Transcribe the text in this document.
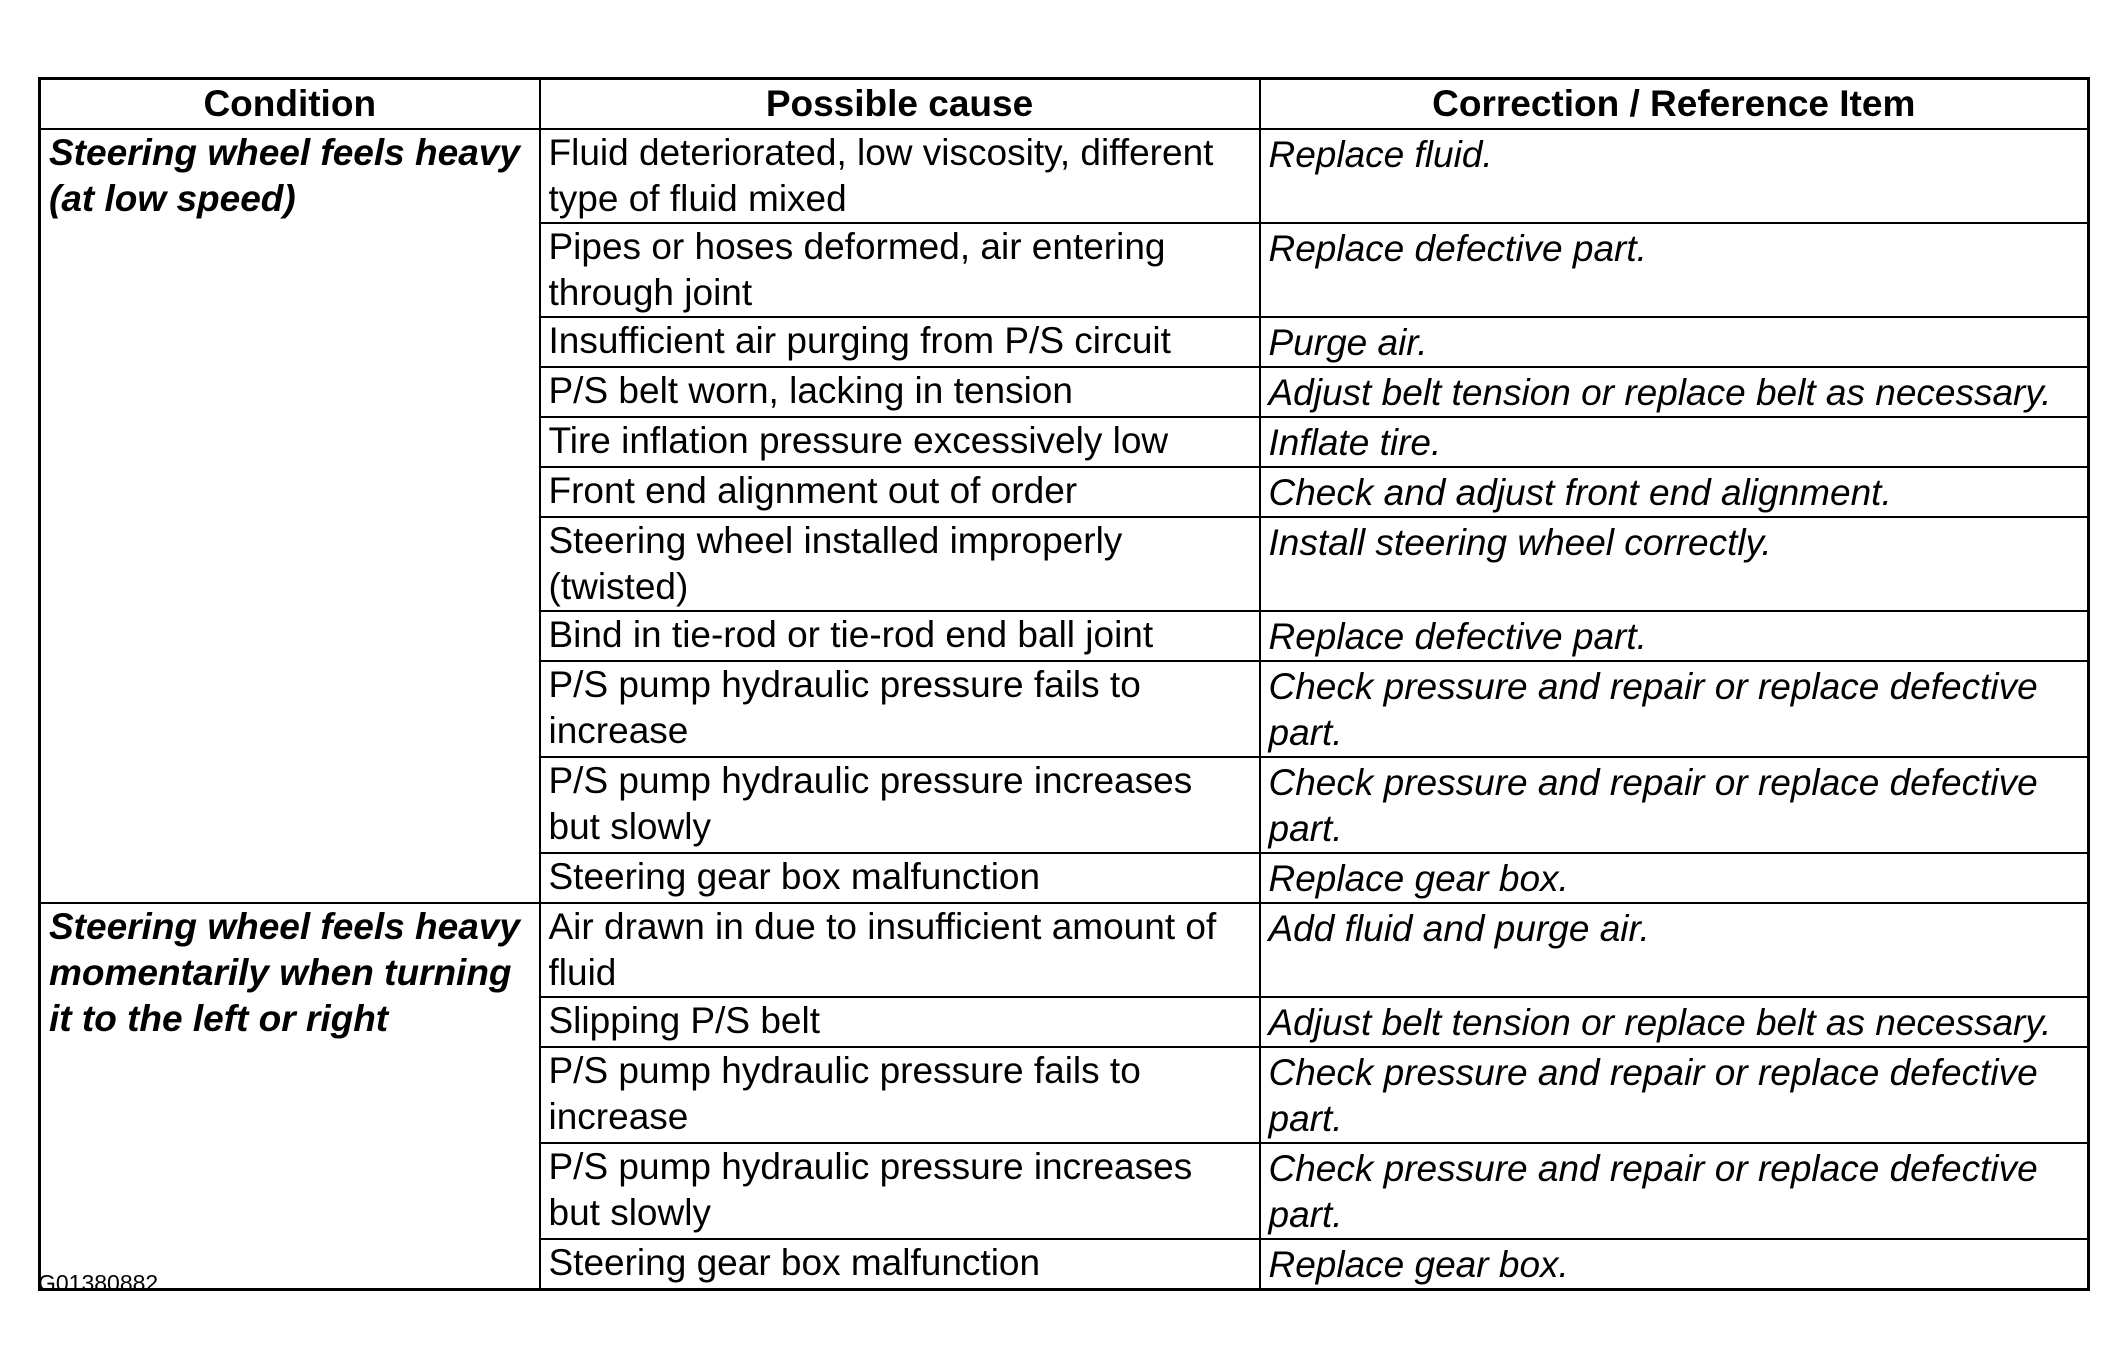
Condition	Possible cause	Correction / Reference Item
Steering wheel feels heavy (at low speed)	Fluid deteriorated, low viscosity, different type of fluid mixed	Replace fluid.
	Pipes or hoses deformed, air entering through joint	Replace defective part.
	Insufficient air purging from P/S circuit	Purge air.
	P/S belt worn, lacking in tension	Adjust belt tension or replace belt as necessary.
	Tire inflation pressure excessively low	Inflate tire.
	Front end alignment out of order	Check and adjust front end alignment.
	Steering wheel installed improperly (twisted)	Install steering wheel correctly.
	Bind in tie-rod or tie-rod end ball joint	Replace defective part.
	P/S pump hydraulic pressure fails to increase	Check pressure and repair or replace defective part.
	P/S pump hydraulic pressure increases but slowly	Check pressure and repair or replace defective part.
	Steering gear box malfunction	Replace gear box.
Steering wheel feels heavy momentarily when turning it to the left or right	Air drawn in due to insufficient amount of fluid	Add fluid and purge air.
	Slipping P/S belt	Adjust belt tension or replace belt as necessary.
	P/S pump hydraulic pressure fails to increase	Check pressure and repair or replace defective part.
	P/S pump hydraulic pressure increases but slowly	Check pressure and repair or replace defective part.
	Steering gear box malfunction	Replace gear box.
G01380882
